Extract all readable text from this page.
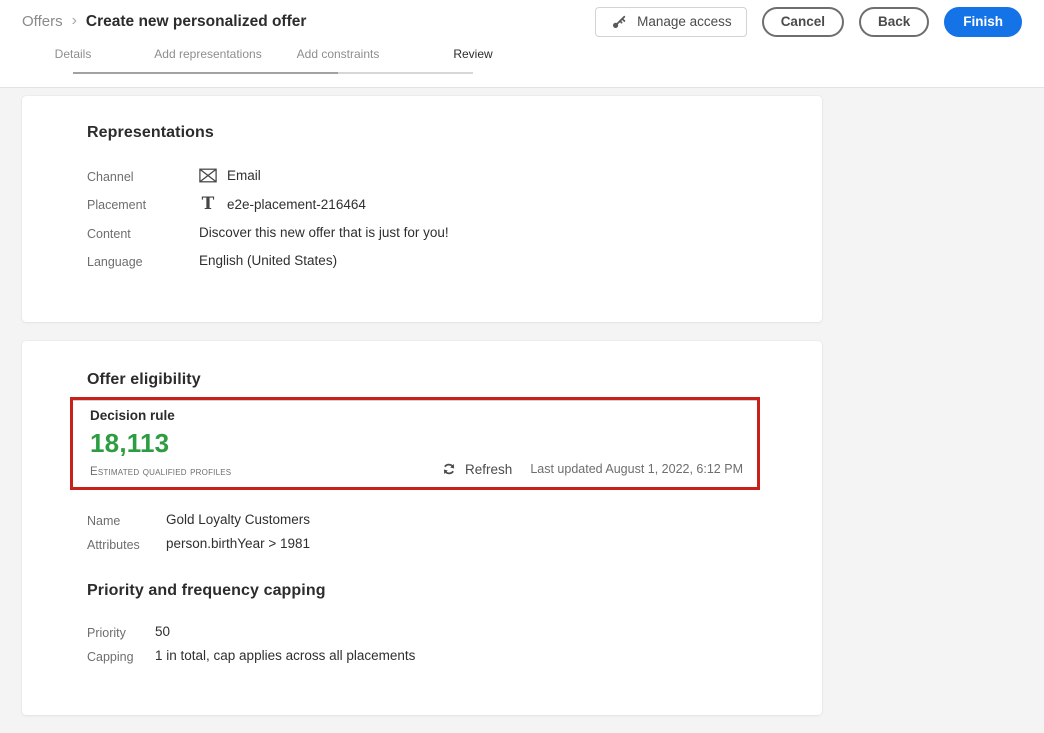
Offers › Create new personalized offer	Manage access	Cancel	Back	Finish
Details	Add representations	Add constraints	Review
Representations
Channel	Email
Placement	T e2e-placement-216464
Content	Discover this new offer that is just for you!
Language	English (United States)
Offer eligibility
Decision rule
18,113
Estimated qualified profiles	Refresh Last updated August 1, 2022, 6:12 PM
Name	Gold Loyalty Customers
Attributes	person.birthYear > 1981
Priority and frequency capping
Priority	50
Capping	1 in total, cap applies across all placements
